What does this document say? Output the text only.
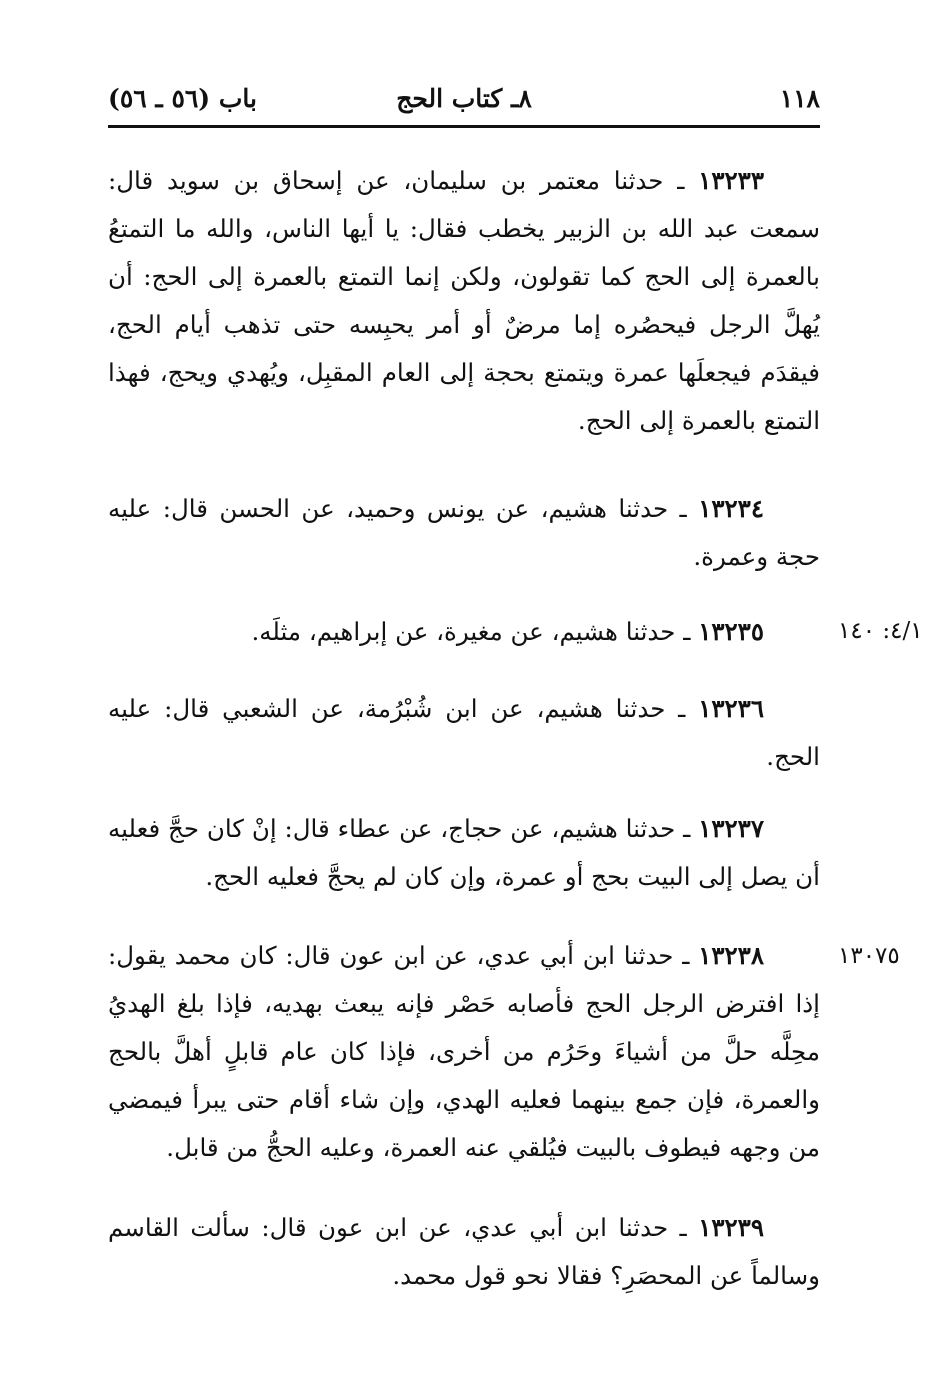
١١٨
٨ـ كتاب الحج
باب (٥٦ ـ ٥٦)
١٣٢٣٣ ـ حدثنا معتمر بن سليمان، عن إسحاق بن سويد قال: سمعت عبد الله بن الزبير يخطب فقال: يا أيها الناس، والله ما التمتعُ بالعمرة إلى الحج كما تقولون، ولكن إنما التمتع بالعمرة إلى الحج: أن يُهلَّ الرجل فيحصُره إما مرضٌ أو أمر يحبِسه حتى تذهب أيام الحج، فيقدَم فيجعلَها عمرة ويتمتع بحجة إلى العام المقبِل، ويُهدي ويحج، فهذا التمتع بالعمرة إلى الحج.
١٣٢٣٤ ـ حدثنا هشيم، عن يونس وحميد، عن الحسن قال: عليه حجة وعمرة.
١٣٢٣٥ ـ حدثنا هشيم، عن مغيرة، عن إبراهيم، مثلَه.	٤/١: ١٤٠
١٣٢٣٦ ـ حدثنا هشيم، عن ابن شُبْرُمة، عن الشعبي قال: عليه الحج.
١٣٢٣٧ ـ حدثنا هشيم، عن حجاج، عن عطاء قال: إنْ كان حجَّ فعليه أن يصل إلى البيت بحج أو عمرة، وإن كان لم يحجَّ فعليه الحج.
١٣٢٣٨ ـ حدثنا ابن أبي عدي، عن ابن عون قال: كان محمد يقول: إذا افترض الرجل الحج فأصابه حَصْر فإنه يبعث بهديه، فإذا بلغ الهديُ محِلَّه حلَّ من أشياءَ وحَرُم من أخرى، فإذا كان عام قابلٍ أهلَّ بالحج والعمرة، فإن جمع بينهما فعليه الهدي، وإن شاء أقام حتى يبرأ فيمضي من وجهه فيطوف بالبيت فيُلقي عنه العمرة، وعليه الحجُّ من قابل.
١٣٠٧٥
١٣٢٣٩ ـ حدثنا ابن أبي عدي، عن ابن عون قال: سألت القاسم وسالماً عن المحصَرِ؟ فقالا نحو قول محمد.
